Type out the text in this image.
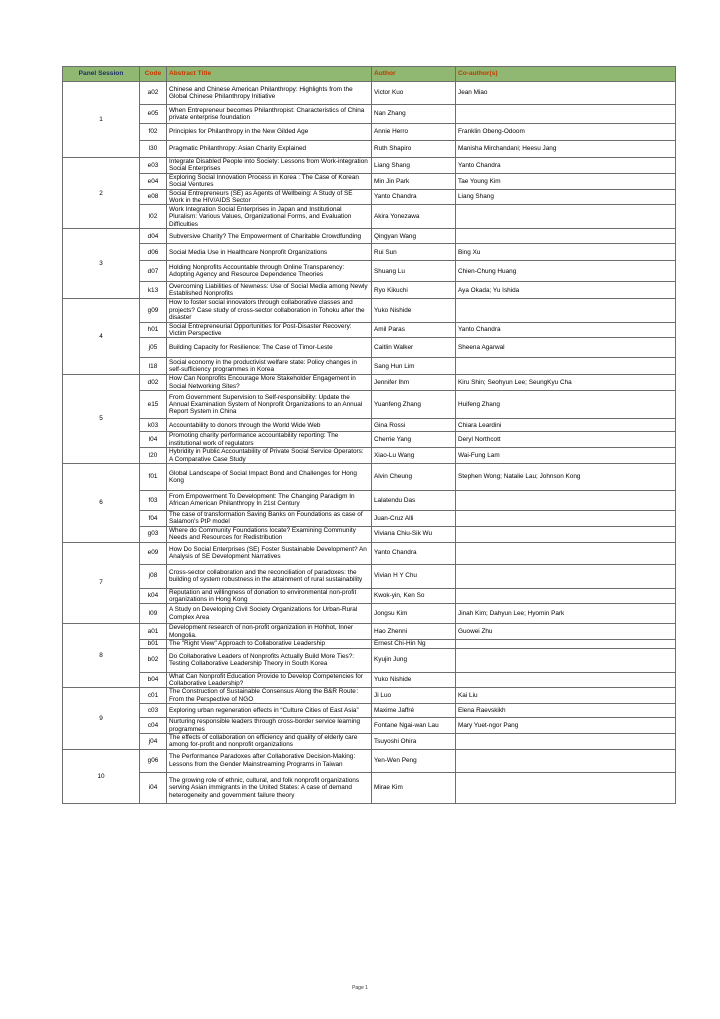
Panel Session	Code	Abstract Title	Author	Co-author(s)
1	a02	Chinese and Chinese American Philanthropy: Highlights from the Global Chinese Philanthropy Initiative	Victor Kuo	Jean Miao
	e05	When Entrepreneur becomes Philanthropist: Characteristics of China private enterprise foundation	Nan Zhang	
	f02	Principles for Philanthropy in the New Gilded Age	Annie Herro	Franklin Obeng-Odoom
	l30	Pragmatic Philanthropy: Asian Charity Explained	Ruth Shapiro	Manisha Mirchandani; Heesu Jang
2	e03	Integrate Disabled People into Society: Lessons from Work-integration Social Enterprises	Liang Shang	Yanto Chandra
	e04	Exploring Social Innovation Process in Korea : The Case of Korean Social Ventures	Min Jin Park	Tae Young Kim
	e08	Social Entrepreneurs (SE) as Agents of Wellbeing: A Study of SE Work in the HIV/AIDS Sector	Yanto Chandra	Liang Shang
	l02	Work Integration Social Enterprises in Japan and Institutional Pluralism: Various Values, Organizational Forms, and Evaluation Difficulties	Akira Yonezawa	
3	d04	Subversive Charity? The Empowerment of Charitable Crowdfunding	Qingyan Wang	
	d06	Social Media Use in Healthcare Nonprofit Organizations	Rui Sun	Bing Xu
	d07	Holding Nonprofits Accountable through Online Transparency: Adopting Agency and Resource Dependence Theories	Shuang Lu	Chien-Chung Huang
	k13	Overcoming Liabilities of Newness: Use of Social Media among Newly Established Nonprofits	Ryo Kikuchi	Aya Okada; Yu Ishida
4	g09	How to foster social innovators through collaborative classes and projects? Case study of cross-sector collaboration in Tohoku after the disaster	Yuko Nishide	
	h01	Social Entrepreneurial Opportunities for Post-Disaster Recovery: Victim Perspective	Amil Paras	Yanto Chandra
	j05	Building Capacity for Resilience: The Case of Timor-Leste	Caitlin Walker	Sheena Agarwal
	l18	Social economy in the productivist welfare state: Policy changes in self-sufficiency programmes in Korea	Sang Hun Lim	
5	d02	How Can Nonprofits Encourage More Stakeholder Engagement in Social Networking Sites?	Jennifer Ihm	Kiru Shin; Seohyun Lee; SeungKyu Cha
	e15	From Government Supervision to Self-responsibility: Update the Annual Examination System of Nonprofit Organizations to an Annual Report System in China	Yuanfeng Zhang	Huifeng Zhang
	k03	Accountability to donors through the World Wide Web	Gina Rossi	Chiara Leardini
	l04	Promoting charity performance accountability reporting: The institutional work of regulators	Cherrie Yang	Deryl Northcott
	l20	Hybridity in Public Accountability of Private Social Service Operators: A Comparative Case Study	Xiao-Lu Wang	Wai-Fung Lam
6	f01	Global Landscape of Social Impact Bond and Challenges for Hong Kong	Alvin Cheung	Stephen Wong; Natalie Lau; Johnson Kong
	f03	From Empowerment To Development: The Changing Paradigm In African American Philanthropy In 21st Century	Lalatendu Das	
	f04	The case of transformation Saving Banks on Foundations as case of Salamon's PtP model	Juan-Cruz Alli	
	g03	Where do Community Foundations locate? Examining Community Needs and Resources for Redistribution	Viviana Chiu-Sik Wu	
7	e09	How Do Social Enterprises (SE) Foster Sustainable Development? An Analysis of SE Development Narratives	Yanto Chandra	
	j08	Cross-sector collaboration and the reconciliation of paradoxes: the building of system robustness in the attainment of rural sustainability	Vivian H Y Chu	
	k04	Reputation and willingness of donation to environmental non-profit organizations in Hong Kong	Kwok-yin, Ken So	
	l09	A Study on Developing Civil Society Organizations for Urban-Rural Complex Area	Jongsu Kim	Jinah Kim; Dahyun Lee; Hyomin Park
8	a01	Development research of non-profit organization in Hohhot, Inner Mongolia.	Hao Zhenni	Guowei Zhu
	b01	The "Right View" Approach to Collaborative Leadership	Ernest Chi-Hin Ng	
	b02	Do Collaborative Leaders of Nonprofits Actually Build More Ties?: Testing Collaborative Leadership Theory in South Korea	Kyujin Jung	
	b04	What Can Nonprofit Education Provide to Develop Competencies for Collaborative Leadership?	Yuko Nishide	
9	c01	The Construction of Sustainable Consensus Along the B&R Route： From the Perspective of NGO	Ji Luo	Kai Liu
	c03	Exploring urban regeneration effects in “Culture Cities of East Asia”	Maxime Jaffré	Elena Raevskikh
	c04	Nurturing responsible leaders through cross-border service learning programmes	Fontane Ngai-wan Lau	Mary Yuet-ngor Pang
	j04	The effects of collaboration on efficiency and quality of elderly care among for-profit and nonprofit organizations	Tsuyoshi Ohira	
10	g06	The Performance Paradoxes after Collaborative Decision-Making: Lessons from the Gender Mainstreaming Programs in Taiwan	Yen-Wen Peng	
	i04	The growing role of ethnic, cultural, and folk nonprofit organizations serving Asian immigrants in the United States: A case of demand heterogeneity and government failure theory	Mirae Kim	
Page 1
